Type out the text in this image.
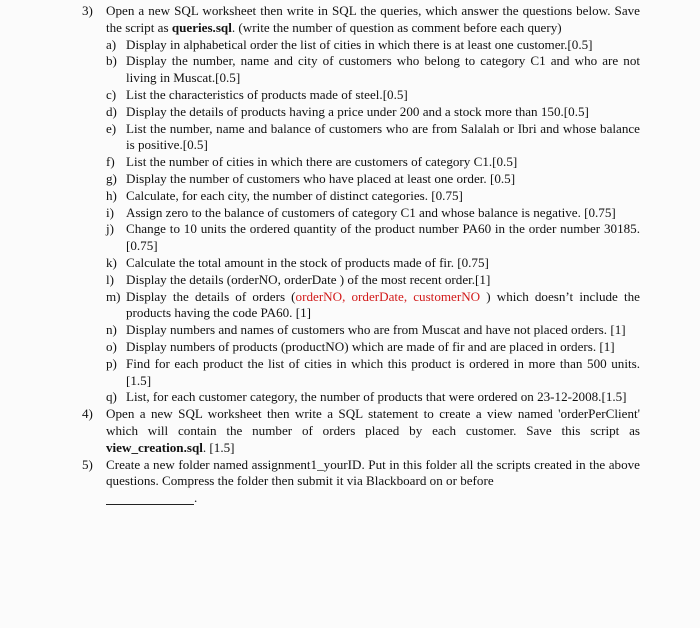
3) Open a new SQL worksheet then write in SQL the queries, which answer the questions below. Save the script as queries.sql. (write the number of question as comment before each query)
a) Display in alphabetical order the list of cities in which there is at least one customer.[0.5]
b) Display the number, name and city of customers who belong to category C1 and who are not living in Muscat.[0.5]
c) List the characteristics of products made of steel.[0.5]
d) Display the details of products having a price under 200 and a stock more than 150.[0.5]
e) List the number, name and balance of customers who are from Salalah or Ibri and whose balance is positive.[0.5]
f) List the number of cities in which there are customers of category C1.[0.5]
g) Display the number of customers who have placed at least one order. [0.5]
h) Calculate, for each city, the number of distinct categories. [0.75]
i) Assign zero to the balance of customers of category C1 and whose balance is negative. [0.75]
j) Change to 10 units the ordered quantity of the product number PA60 in the order number 30185.[0.75]
k) Calculate the total amount in the stock of products made of fir. [0.75]
l) Display the details (orderNO, orderDate ) of the most recent order.[1]
m) Display the details of orders (orderNO, orderDate, customerNO ) which doesn’t include the products having the code PA60. [1]
n) Display numbers and names of customers who are from Muscat and have not placed orders. [1]
o) Display numbers of products (productNO) which are made of fir and are placed in orders. [1]
p) Find for each product the list of cities in which this product is ordered in more than 500 units.[1.5]
q) List, for each customer category, the number of products that were ordered on 23-12-2008.[1.5]
4) Open a new SQL worksheet then write a SQL statement to create a view named 'orderPerClient' which will contain the number of orders placed by each customer. Save this script as view_creation.sql. [1.5]
5) Create a new folder named assignment1_yourID. Put in this folder all the scripts created in the above questions. Compress the folder then submit it via Blackboard on or before
.
